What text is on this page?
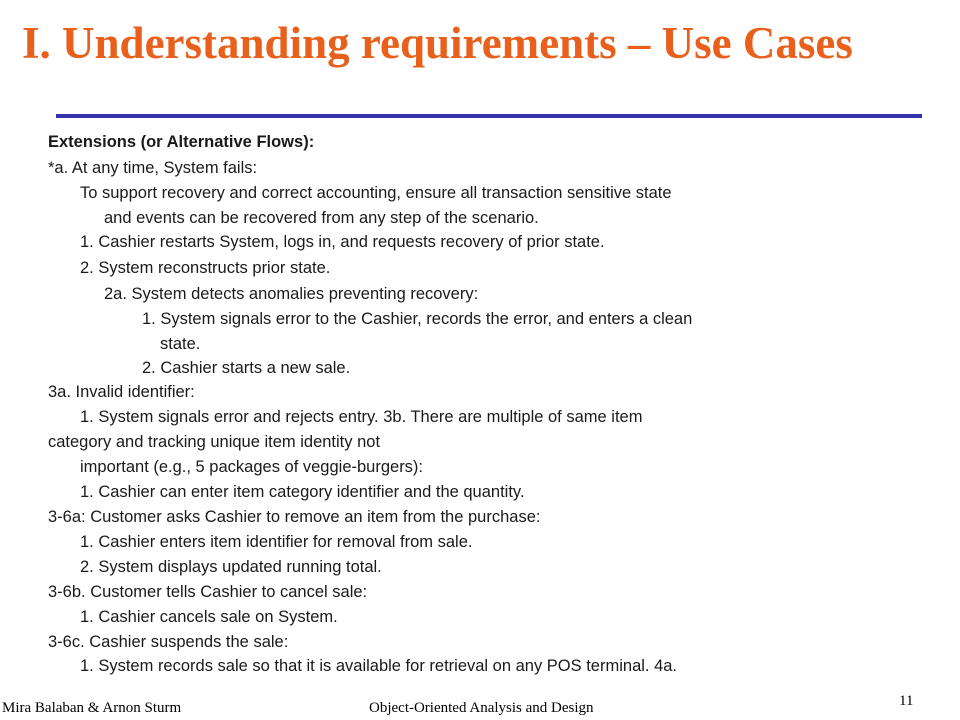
I. Understanding requirements – Use Cases
Extensions (or Alternative Flows):
*a. At any time, System fails:
To support recovery and correct accounting, ensure all transaction sensitive state
and events can be recovered from any step of the scenario.
1. Cashier restarts System, logs in, and requests recovery of prior state.
2. System reconstructs prior state.
2a. System detects anomalies preventing recovery:
1. System signals error to the Cashier, records the error, and enters a clean
state.
2. Cashier starts a new sale.
3a. Invalid identifier:
1. System signals error and rejects entry. 3b. There are multiple of same item
category and tracking unique item identity not
important (e.g., 5 packages of veggie-burgers):
1. Cashier can enter item category identifier and the quantity.
3-6a: Customer asks Cashier to remove an item from the purchase:
1. Cashier enters item identifier for removal from sale.
2. System displays updated running total.
3-6b. Customer tells Cashier to cancel sale:
1. Cashier cancels sale on System.
3-6c. Cashier suspends the sale:
1. System records sale so that it is available for retrieval on any POS terminal. 4a.
Mira Balaban & Arnon Sturm	Object-Oriented Analysis and Design	11
